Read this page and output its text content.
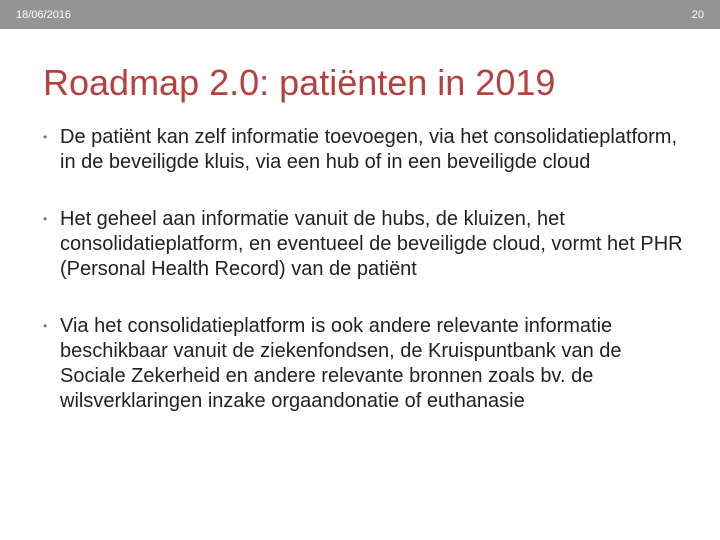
18/06/2016	20
Roadmap 2.0: patiënten in 2019
• De patiënt kan zelf informatie toevoegen, via het consolidatieplatform, in de beveiligde kluis, via een hub of in een beveiligde cloud
• Het geheel aan informatie vanuit de hubs, de kluizen, het consolidatieplatform, en eventueel de beveiligde cloud, vormt het PHR (Personal Health Record) van de patiënt
• Via het consolidatieplatform is ook andere relevante informatie beschikbaar vanuit de ziekenfondsen, de Kruispuntbank van de Sociale Zekerheid en andere relevante bronnen zoals bv. de wilsverklaringen inzake orgaandonatie of euthanasie
